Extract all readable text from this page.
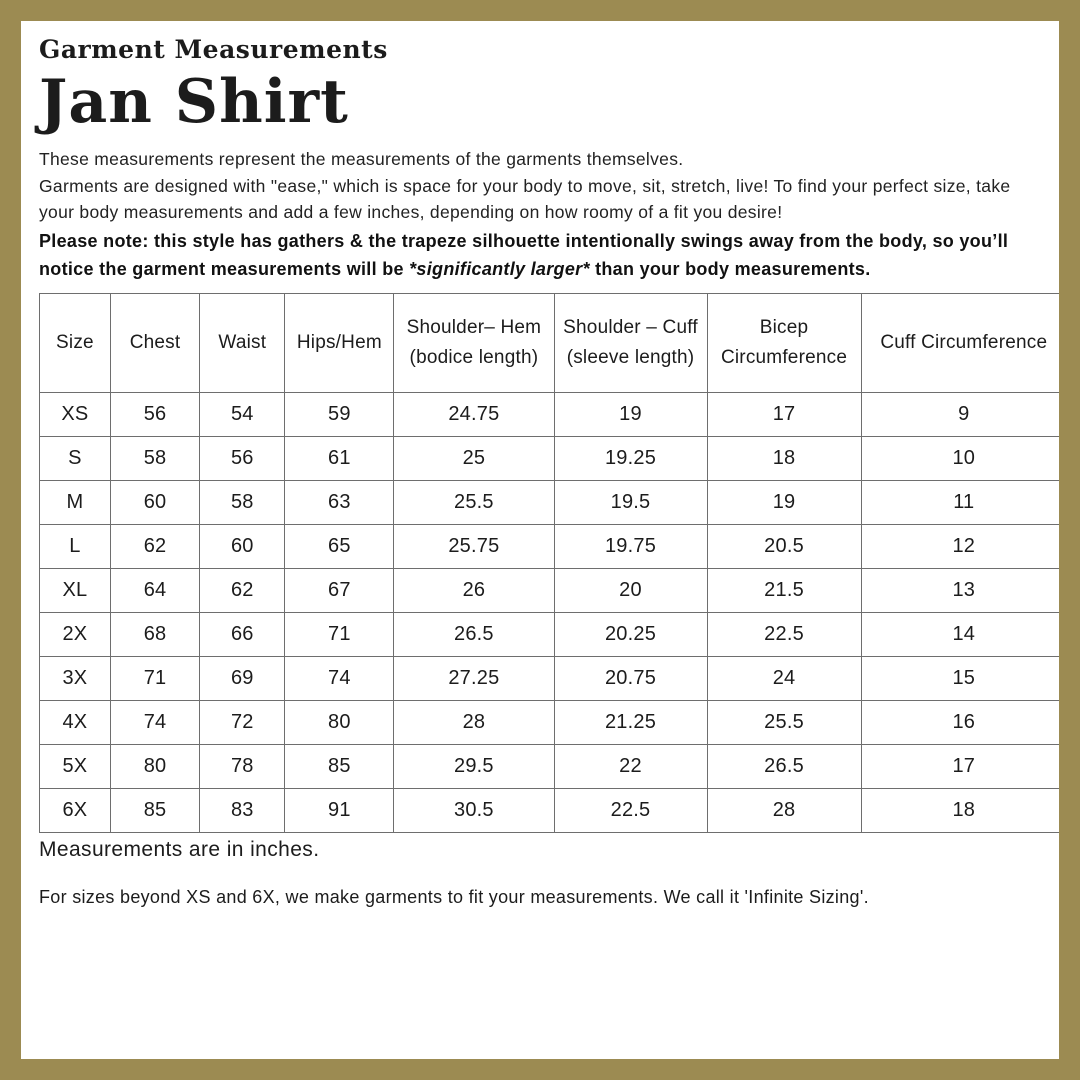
Garment Measurements
Jan Shirt

These measurements represent the measurements of the garments themselves.

Garments are designed with "ease," which is space for your body to move, sit, stretch, live! To find your perfect size, take your body measurements and add a few inches, depending on how roomy of a fit you desire!

Please note: this style has gathers & the trapeze silhouette intentionally swings away from the body, so you’ll notice the garment measurements will be *significantly larger* than your body measurements.
Size	Chest	Waist	Hips/Hem	Shoulder– Hem (bodice length)	Shoulder – Cuff (sleeve length)	Bicep Circumference	Cuff Circumference
XS	56	54	59	24.75	19	17	9
S	58	56	61	25	19.25	18	10
M	60	58	63	25.5	19.5	19	11
L	62	60	65	25.75	19.75	20.5	12
XL	64	62	67	26	20	21.5	13
2X	68	66	71	26.5	20.25	22.5	14
3X	71	69	74	27.25	20.75	24	15
4X	74	72	80	28	21.25	25.5	16
5X	80	78	85	29.5	22	26.5	17
6X	85	83	91	30.5	22.5	28	18
Measurements are in inches.
For sizes beyond XS and 6X, we make garments to fit your measurements. We call it 'Infinite Sizing'.
